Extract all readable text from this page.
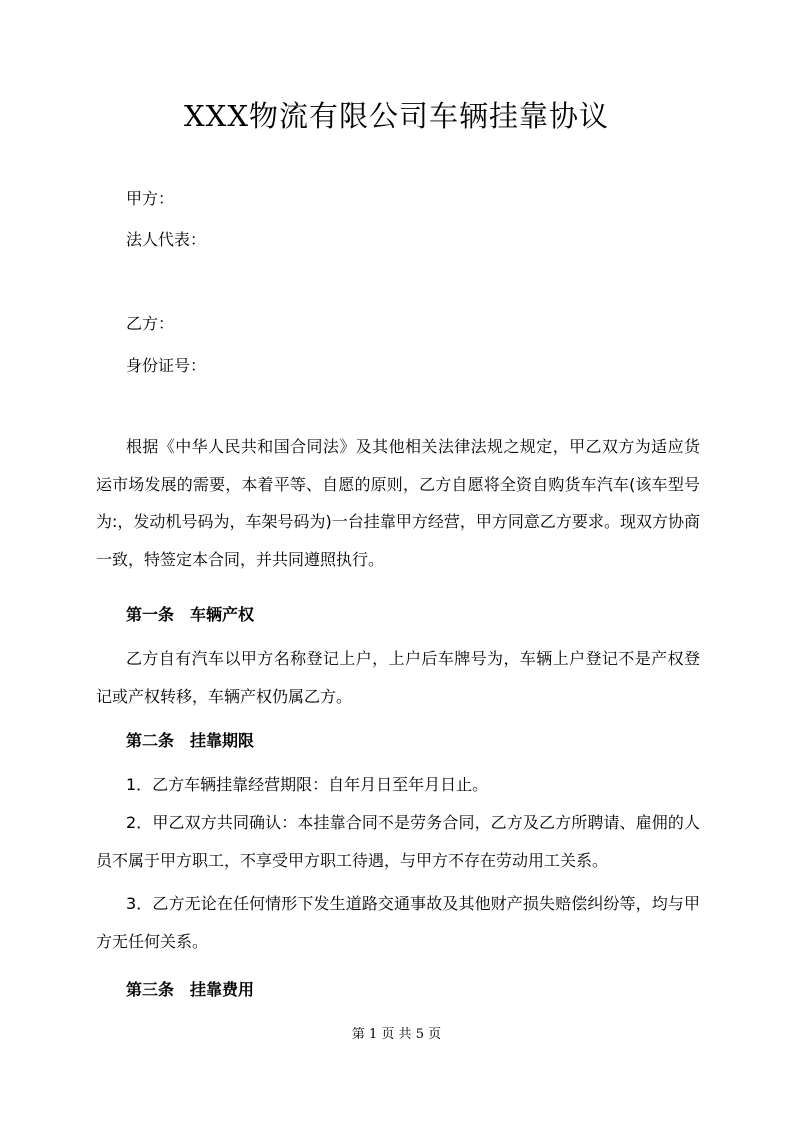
XXX物流有限公司车辆挂靠协议

甲方：

法人代表：

乙方：

身份证号：

根据《中华人民共和国合同法》及其他相关法律法规之规定，甲乙双方为适应货运市场发展的需要，本着平等、自愿的原则，乙方自愿将全资自购货车汽车(该车型号为:，发动机号码为，车架号码为)一台挂靠甲方经营，甲方同意乙方要求。现双方协商一致，特签定本合同，并共同遵照执行。

第一条　车辆产权

乙方自有汽车以甲方名称登记上户，上户后车牌号为，车辆上户登记不是产权登记或产权转移，车辆产权仍属乙方。

第二条　挂靠期限

1．乙方车辆挂靠经营期限：自年月日至年月日止。

2．甲乙双方共同确认：本挂靠合同不是劳务合同，乙方及乙方所聘请、雇佣的人员不属于甲方职工，不享受甲方职工待遇，与甲方不存在劳动用工关系。

3．乙方无论在任何情形下发生道路交通事故及其他财产损失赔偿纠纷等，均与甲方无任何关系。

第三条　挂靠费用

第 1 页 共 5 页
